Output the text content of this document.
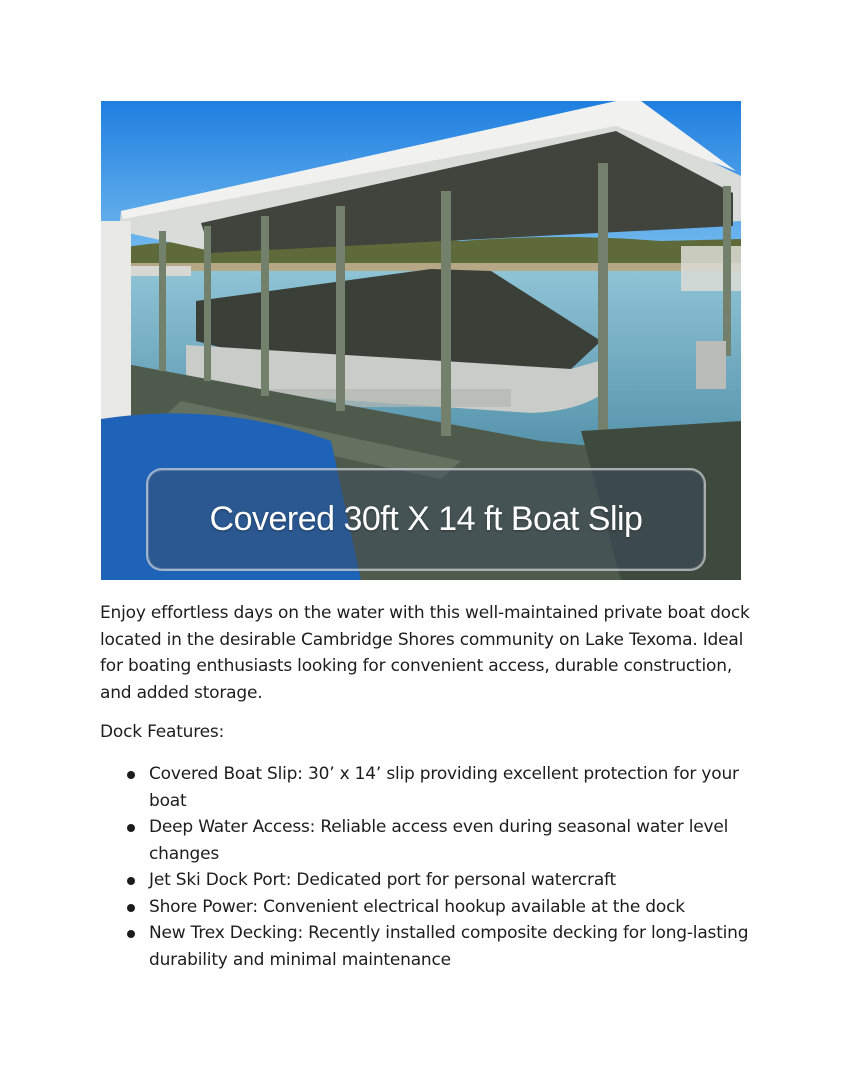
Covered 30ft X 14 ft Boat Slip

Enjoy effortless days on the water with this well-maintained private boat dock located in the desirable Cambridge Shores community on Lake Texoma. Ideal for boating enthusiasts looking for convenient access, durable construction, and added storage.

Dock Features:

Covered Boat Slip: 30’ x 14’ slip providing excellent protection for your boat
Deep Water Access: Reliable access even during seasonal water level changes
Jet Ski Dock Port: Dedicated port for personal watercraft
Shore Power: Convenient electrical hookup available at the dock
New Trex Decking: Recently installed composite decking for long-lasting durability and minimal maintenance
